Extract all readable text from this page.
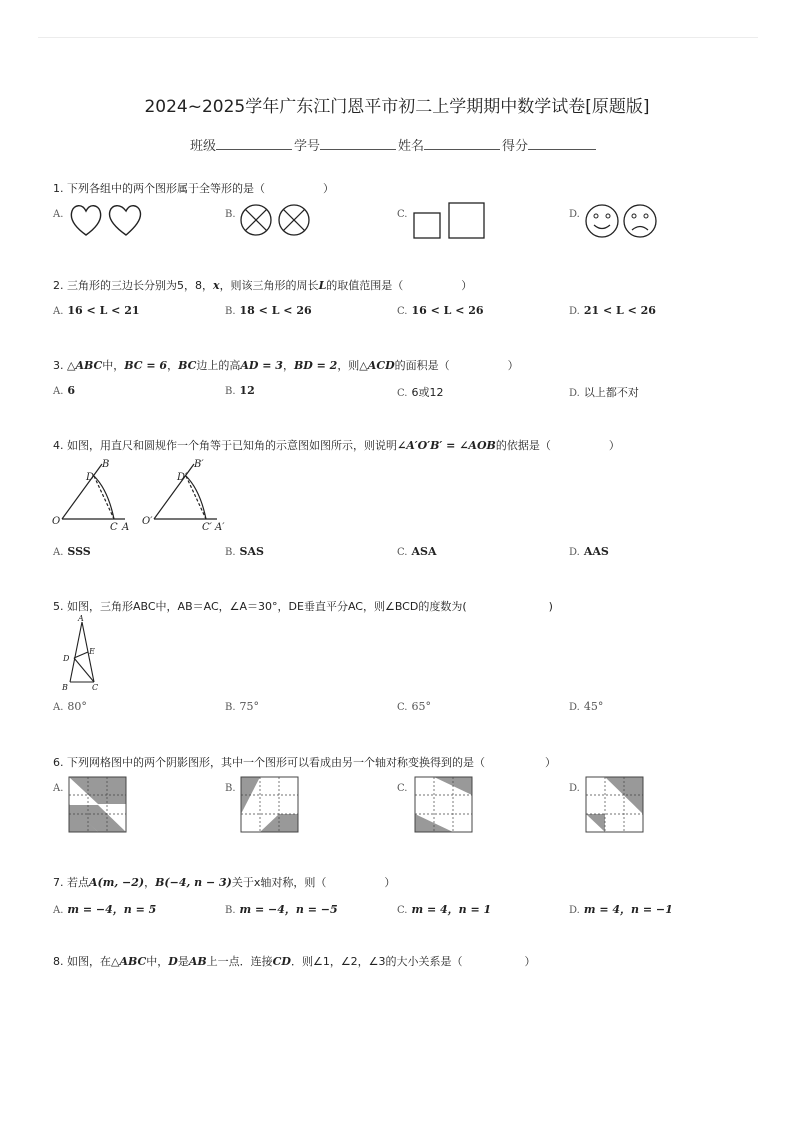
2024~2025学年广东江门恩平市初二上学期期中数学试卷[原题版]
班级	学号	姓名	得分
1. 下列各组中的两个图形属于全等形的是（	）
A.	B.	C.	D.
2. 三角形的三边长分别为5，8，x，则该三角形的周长L的取值范围是（	）
A. 16 < L < 21	B. 18 < L < 26	C. 16 < L < 26	D. 21 < L < 26
3. △ABC中，BC = 6，BC边上的高AD = 3，BD = 2，则△ACD的面积是（	）
A. 6	B. 12	C. 6或12	D. 以上都不对
4. 如图，用直尺和圆规作一个角等于已知角的示意图如图所示，则说明∠A′O′B′ = ∠AOB的依据是（	）
O
B
D
C A
O′
B′
D′
C′ A′
A. SSS	B. SAS	C. ASA	D. AAS
5. 如图，三角形ABC中，AB＝AC，∠A＝30°，DE垂直平分AC，则∠BCD的度数为(	)
A
D
E
B	C
A. 80°	B. 75°	C. 65°	D. 45°
6. 下列网格图中的两个阴影图形，其中一个图形可以看成由另一个轴对称变换得到的是（	）
A.	B.	C.	D.
7. 若点A(m, −2)，B(−4, n − 3)关于x轴对称，则（	）
A. m = −4，n = 5	B. m = −4，n = −5	C. m = 4，n = 1	D. m = 4，n = −1
8. 如图，在△ABC中，D是AB上一点．连接CD．则∠1，∠2，∠3的大小关系是（	）
